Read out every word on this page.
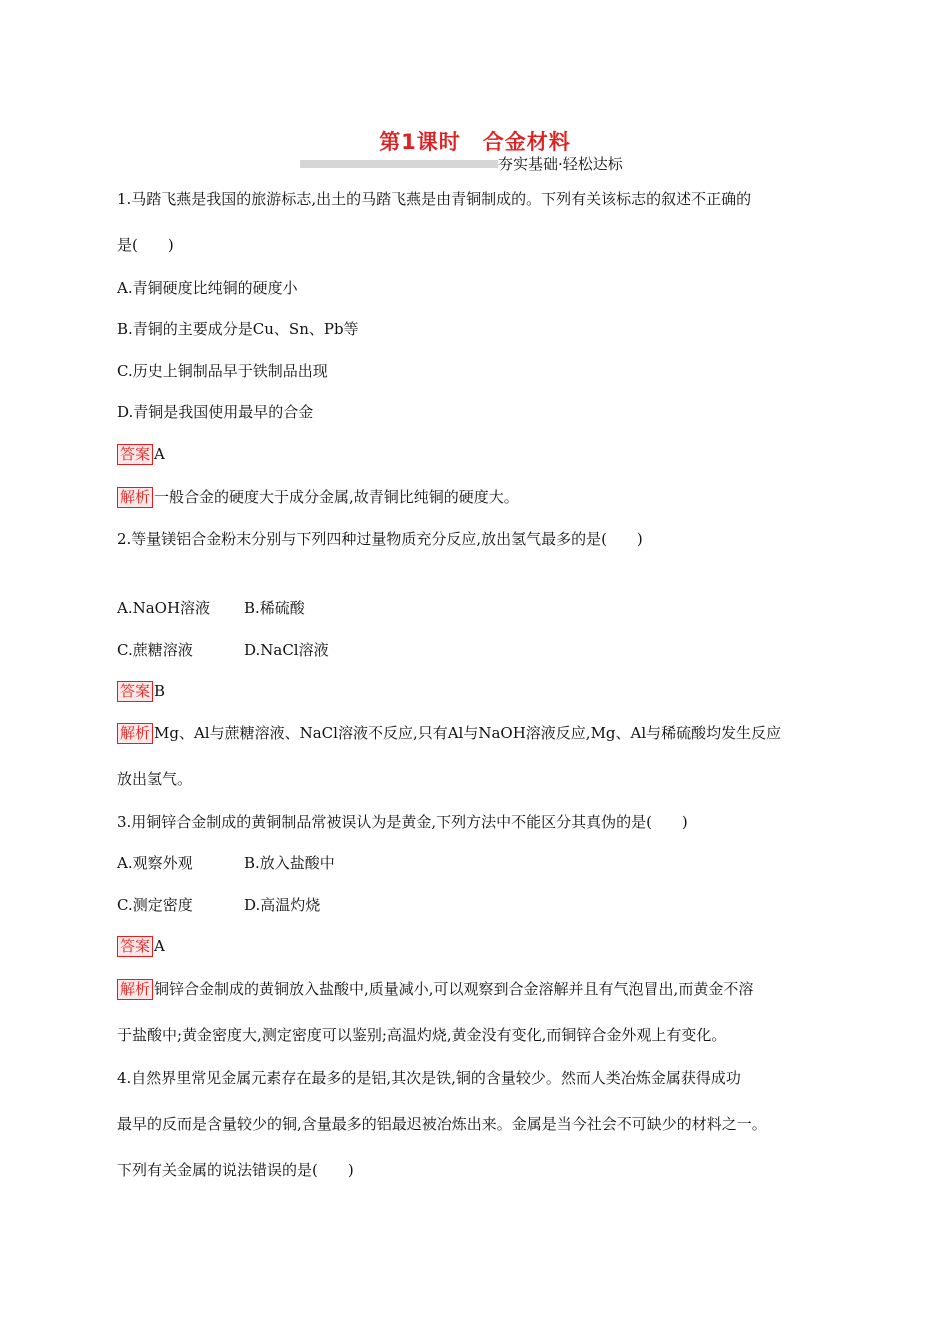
第1课时　合金材料
夯实基础·轻松达标
1.马踏飞燕是我国的旅游标志,出土的马踏飞燕是由青铜制成的。下列有关该标志的叙述不正确的
是(　　)
A.青铜硬度比纯铜的硬度小
B.青铜的主要成分是Cu、Sn、Pb等
C.历史上铜制品早于铁制品出现
D.青铜是我国使用最早的合金
答案 A
解析 一般合金的硬度大于成分金属,故青铜比纯铜的硬度大。
2.等量镁铝合金粉末分别与下列四种过量物质充分反应,放出氢气最多的是(　　)
A.NaOH溶液 B.稀硫酸
C.蔗糖溶液	D.NaCl溶液
答案 B
解析 Mg、Al与蔗糖溶液、NaCl溶液不反应,只有Al与NaOH溶液反应,Mg、Al与稀硫酸均发生反应
放出氢气。
3.用铜锌合金制成的黄铜制品常被误认为是黄金,下列方法中不能区分其真伪的是(　　)
A.观察外观	B.放入盐酸中
C.测定密度	D.高温灼烧
答案 A
解析 铜锌合金制成的黄铜放入盐酸中,质量减小,可以观察到合金溶解并且有气泡冒出,而黄金不溶
于盐酸中;黄金密度大,测定密度可以鉴别;高温灼烧,黄金没有变化,而铜锌合金外观上有变化。
4.自然界里常见金属元素存在最多的是铝,其次是铁,铜的含量较少。然而人类冶炼金属获得成功
最早的反而是含量较少的铜,含量最多的铝最迟被冶炼出来。金属是当今社会不可缺少的材料之一。
下列有关金属的说法错误的是(　　)
